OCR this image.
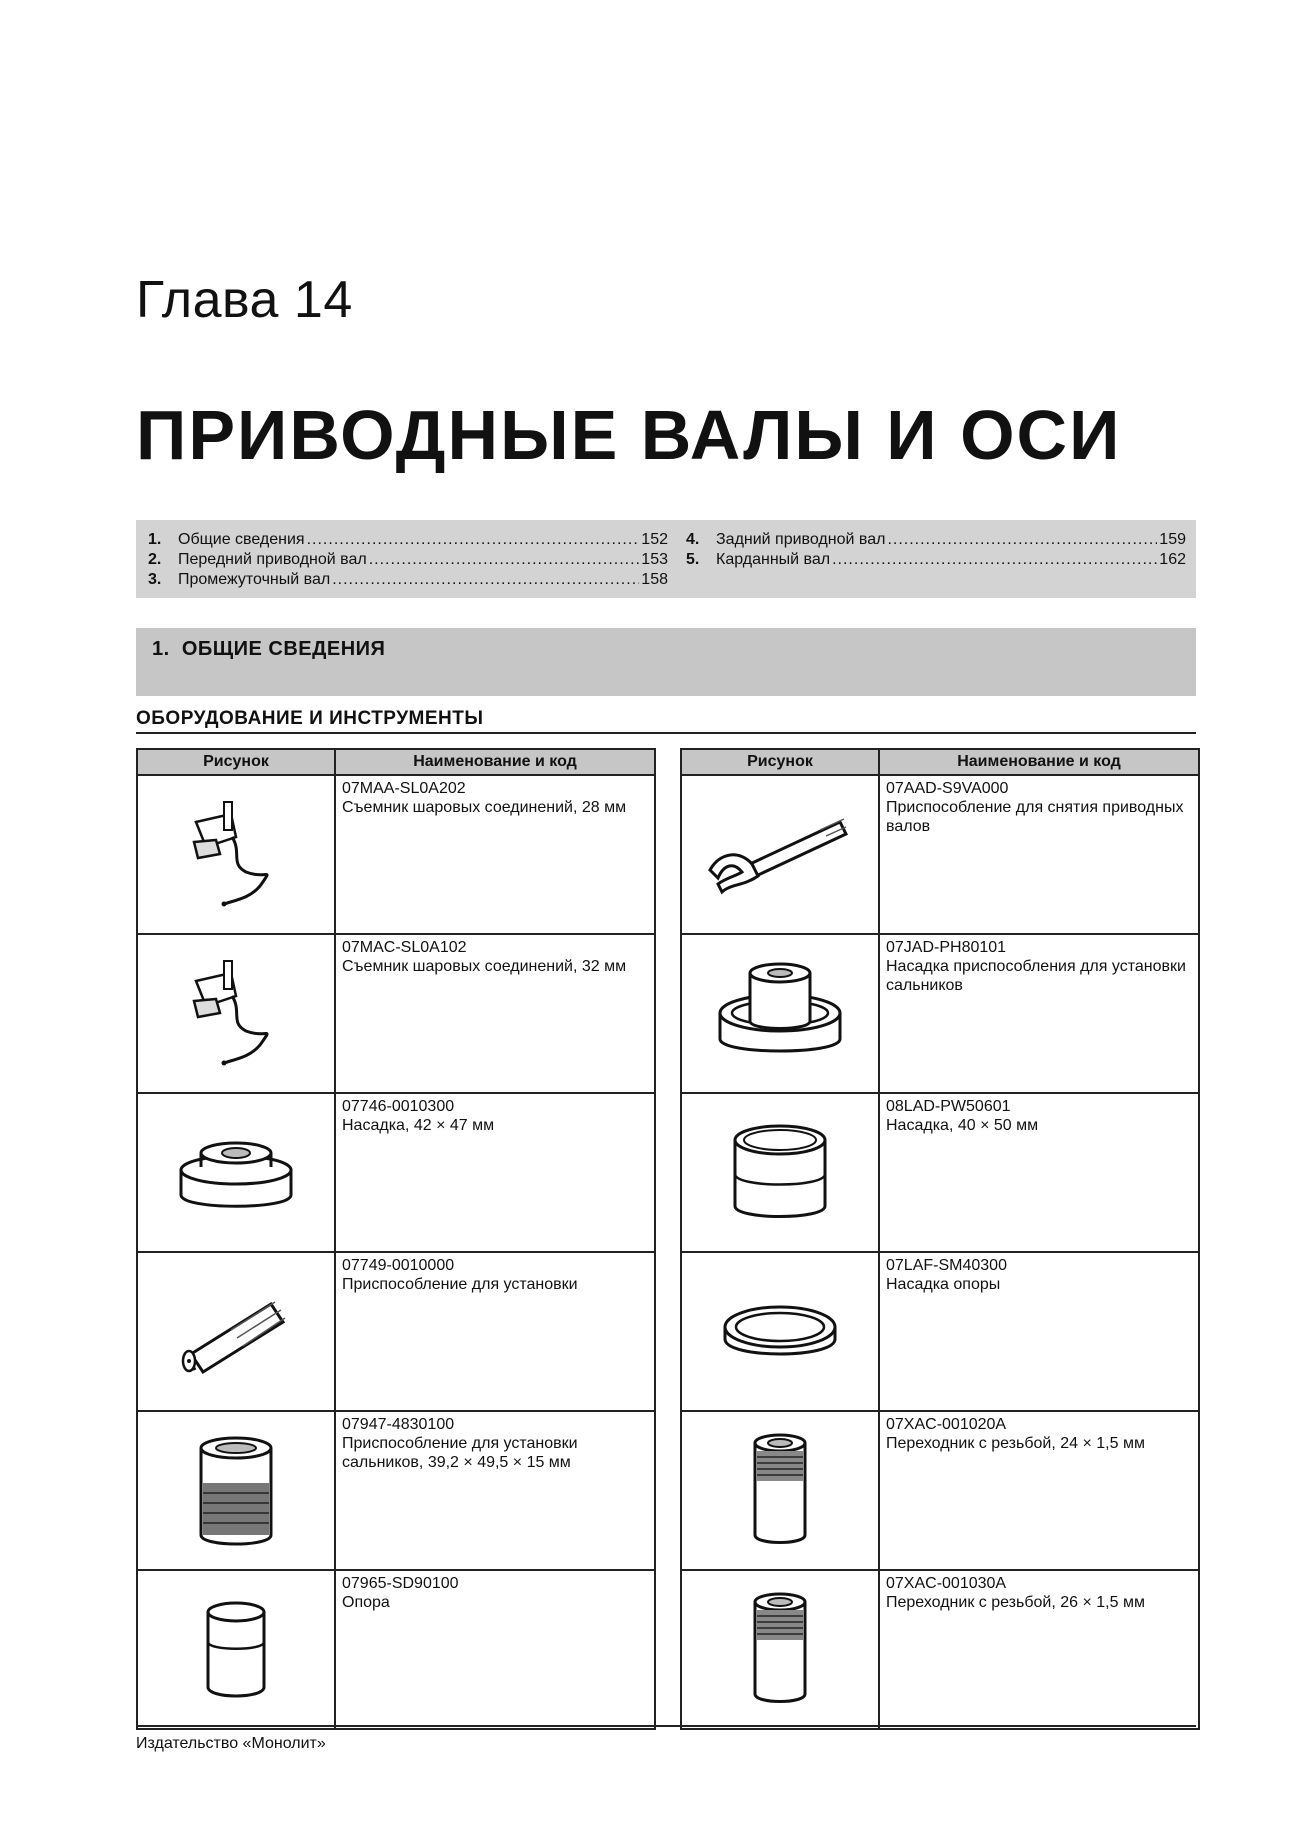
Глава 14
ПРИВОДНЫЕ ВАЛЫ И ОСИ
1.	Общие сведения .....	152
2.	Передний приводной вал .....	153
3.	Промежуточный вал .....	158
4.	Задний приводной вал .....	159
5.	Карданный вал .....	162
1. ОБЩИЕ СВЕДЕНИЯ
ОБОРУДОВАНИЕ И ИНСТРУМЕНТЫ
Рисунок	Наименование и код

07MAA-SL0A202
Съемник шаровых соединений, 28 мм

07MAC-SL0A102
Съемник шаровых соединений, 32 мм

07746-0010300
Насадка, 42 × 47 мм

07749-0010000
Приспособление для установки

07947-4830100
Приспособление для установки сальников, 39,2 × 49,5 × 15 мм

07965-SD90100
Опора
Рисунок	Наименование и код

07AAD-S9VA000
Приспособление для снятия приводных валов

07JAD-PH80101
Насадка приспособления для установки сальников

08LAD-PW50601
Насадка, 40 × 50 мм

07LAF-SM40300
Насадка опоры

07XAC-001020A
Переходник с резьбой, 24 × 1,5 мм

07XAC-001030A
Переходник с резьбой, 26 × 1,5 мм
Издательство «Монолит»
